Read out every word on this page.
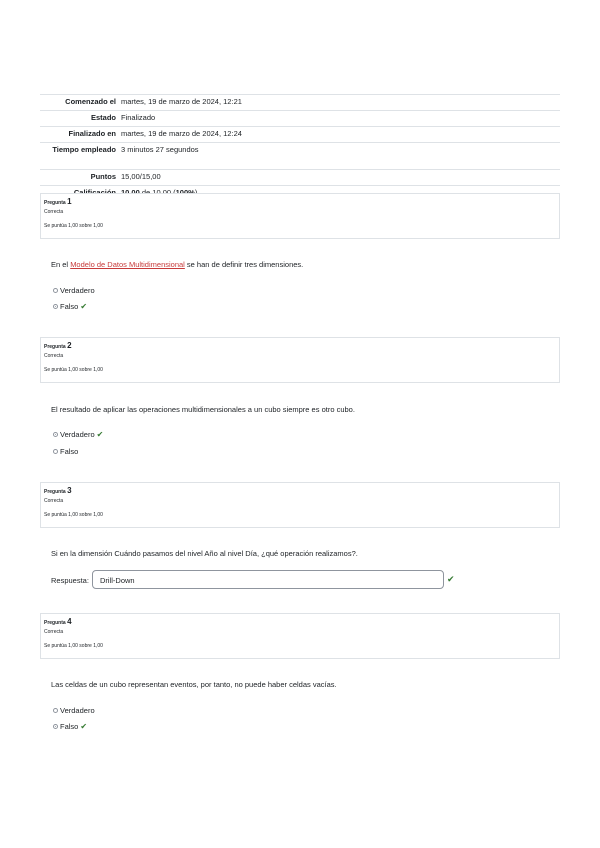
Comenzado el	martes, 19 de marzo de 2024, 12:21
Estado	Finalizado
Finalizado en	martes, 19 de marzo de 2024, 12:24
Tiempo empleado	3 minutos 27 segundos
Puntos	15,00/15,00

Pregunta 1
Correcta
Se puntúa 1,00 sobre 1,00
En el Modelo de Datos Multidimensional se han de definir tres dimensiones.
Verdadero
Falso ✔
Pregunta 2
Correcta
Se puntúa 1,00 sobre 1,00
El resultado de aplicar las operaciones multidimensionales a un cubo siempre es otro cubo.
Verdadero ✔
Falso
Pregunta 3
Correcta
Se puntúa 1,00 sobre 1,00
Si en la dimensión Cuándo pasamos del nivel Año al nivel Día, ¿qué operación realizamos?.
Respuesta:	Drill-Down	✔
Pregunta 4
Correcta
Se puntúa 1,00 sobre 1,00
Las celdas de un cubo representan eventos, por tanto, no puede haber celdas vacías.
Verdadero
Falso ✔
